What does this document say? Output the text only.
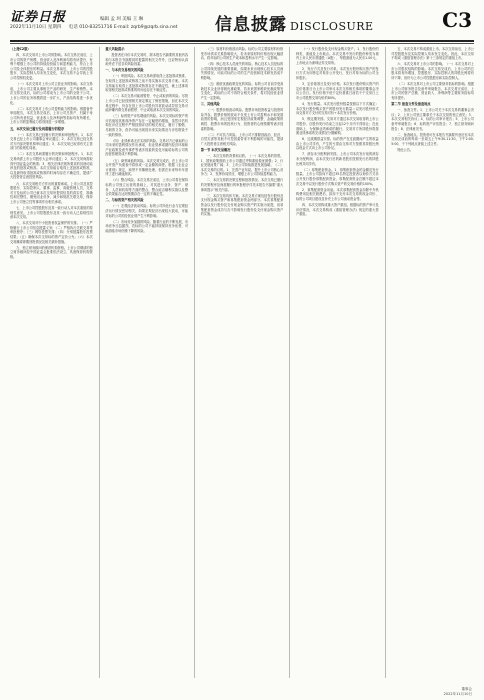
证券日报	编辑 孟 珂 美编 王 琳
2022年11月10日 星期四 电话 010-83251716 E-mail: zqrb9@zqrb.sina.net	信息披露 DISCLOSURE	C3

（上接C2版）

四、本次交易对上市公司的影响。本次交易完成后，上市公司的资产规模、营业收入及净利润均将有所提升，有利于增强上市公司的持续经营能力和盈利能力，符合上市公司及全体股东的利益。本次交易前后，上市公司的控股股东、实际控制人均未发生变化，本次交易不会导致上市公司控制权变更。

（一）本次交易对上市公司主营业务的影响。本次交易前，上市公司主要从事相关产品的研发、生产和销售。本次交易完成后，标的公司将成为上市公司的全资子公司，上市公司的业务规模将进一步扩大，产品结构将进一步优化。

（二）本次交易对上市公司盈利能力的影响。根据备考审阅报告，本次交易完成后，上市公司总资产、归属于母公司所有者权益、营业收入及净利润等指标均有所增长，上市公司的盈利能力将得到进一步增强。

五、本次交易已履行及尚需履行的程序

（一）本次交易已经履行的决策和审批程序。1、本次交易已经上市公司董事会审议通过；2、本次交易已经交易对方内部决策机构审议通过；3、本次交易已取得有关主管部门的原则性同意。

（二）本次交易尚需履行的决策和审批程序。1、本次交易尚需上市公司股东大会审议通过；2、本次交易尚需取得中国证监会的核准；3、相关法律法规所要求的其他可能涉及的批准或核准。本次交易能否取得上述批准或核准，以及最终取得批准或核准的时间均存在不确定性，提请广大投资者注意投资风险。

六、本次交易相关方作出的重要承诺。上市公司及其控股股东、实际控制人、董事、监事、高级管理人员，交易对方及标的公司已就本次交易所提供信息的真实性、准确性和完整性，避免同业竞争，减少和规范关联交易，保持上市公司独立性等事项作出相关承诺。

七、上市公司控股股东及其一致行动人对本次重组的原则性意见。上市公司控股股东及其一致行动人已原则性同意本次交易。

八、本次交易对中小投资者权益保护的安排。（一）严格履行上市公司信息披露义务；（二）严格执行关联交易等审批程序；（三）网络投票安排；（四）分别披露股东投票结果；（五）确保本次交易标的资产定价公允；（六）本次交易摊薄即期回报情况及相关填补措施。

九、独立财务顾问的保荐机构资格。上市公司聘请的独立财务顾问经中国证监会批准依法设立，具备保荐机构资格。

重大风险提示

投资者在评价本次交易时，除本报告书摘要的其他内容和与本报告书摘要同时披露的相关文件外，还应特别认真地考虑下述各项风险因素。

一、与本次交易相关的风险

（一）审批风险。本次交易尚需取得上述批准或核准，在取得上述批准或核准之前不得实施本次交易方案。本次交易能否取得上述批准或核准存在不确定性，就上述事项取得相关批准或核准的时间也存在不确定性。

（二）本次交易可能被暂停、中止或取消的风险。尽管上市公司已经按照相关规定制定了保密措施，但在本次交易过程中，仍存在因上市公司股价异常波动或异常交易可能涉嫌内幕交易而暂停、中止或取消本次交易的风险。

（三）标的资产评估增值的风险。本次交易标的资产的评估值较其账面净资产存在一定幅度的增值，虽然评估机构在评估过程中严格按照评估的相关规定，履行了勤勉、尽职的义务，但仍可能出现因未来实际情况与评估假设不一致的情形。

（四）业绩承诺无法实现的风险。交易对方已就标的公司未来的盈利情况作出承诺，但业绩承诺期内经济环境和产业政策及意外事件等诸多因素的变化可能给标的公司的经营管理造成不利影响。

（五）商誉减值的风险。本次交易完成后，在上市公司合并资产负债表中将形成一定金额的商誉。根据《企业会计准则》规定，商誉不作摊销处理，但需在未来每年年度终了进行减值测试。

（六）整合风险。本次交易完成后，上市公司将在保持标的公司独立运营的基础上，对其进行业务、资产、财务、人员和机构等方面的整合，整合能否顺利实施以及整合效果能否达到预期存在一定的不确定性。

二、与标的资产相关的风险

（一）宏观经济波动风险。标的公司所处行业与宏观经济运行情况密切相关，如果宏观经济出现较大波动，可能对标的公司的经营业绩产生不利影响。

（二）市场竞争加剧的风险。随着行业的不断发展，市场竞争日趋激烈，若标的公司不能持续保持竞争优势，可能面临市场份额下降的风险。

（三）原材料价格波动风险。标的公司主要原材料价格受市场供求关系影响较大，若未来原材料价格出现大幅波动，将对标的公司的生产成本和盈利水平产生一定影响。

（四）核心技术人员流失的风险。核心技术人员是标的公司持续发展的重要基础，如果未来出现核心技术人员流失的情况，可能对标的公司的生产经营和技术研发造成不利影响。

（五）税收优惠政策变化的风险。标的公司目前享受高新技术企业所得税优惠政策，若未来国家税收优惠政策发生变化，或标的公司不再符合相关条件，将对其经营业绩产生一定影响。

三、其他风险

（一）股票价格波动风险。股票市场投资收益与投资风险并存。股票价格的波动不仅受上市公司盈利水平和发展前景的影响，而且受国家宏观经济政策调整、金融政策的调控、股票市场的投机行为、投资者的心理预期等诸多因素的影响。

（二）不可抗力风险。上市公司不排除因政治、经济、自然灾害等其他不可控因素带来不利影响的可能性，提请广大投资者注意相关风险。

第一节 本次交易概况

一、本次交易的背景和目的。（一）本次交易的背景。1、国家政策鼓励上市公司通过并购重组做优做强；2、行业发展前景广阔；3、上市公司持续推进发展战略。（二）本次交易的目的。1、完善产业布局，提升上市公司核心竞争力；2、发挥协同效应，增强上市公司持续盈利能力。

二、本次交易的决策过程和批准情况。本次交易已履行的决策程序及尚需履行的审批程序详见本报告书摘要“重大事项提示”相关内容。

三、本次交易具体方案。本次交易方案包括发行股份及支付现金购买资产和募集配套资金两部分。本次募集配套资金以发行股份及支付现金购买资产的实施为前提，但募集配套资金成功与否不影响发行股份及支付现金购买资产的实施。

（一）发行股份及支付现金购买资产。1、发行股份的种类、面值及上市地点。本次交易中发行的股份种类为境内上市人民币普通股（A股），每股面值为人民币1.00元，上市地点为深圳证券交易所。

2、发行方式及发行对象。本次发行股份购买资产的发行方式为向特定对象非公开发行，发行对象为标的公司全体股东。

3、定价基准日及发行价格。本次发行股份购买资产的定价基准日为上市公司审议本次交易相关事项的董事会决议公告日。发行价格不低于定价基准日前若干个交易日上市公司股票交易均价的80%。

4、发行数量。本次发行股份数量按照以下方式确定：本次发行股份购买资产的股份发行数量＝以发行股份形式向交易对方支付的交易对价÷本次发行价格。

5、锁定期安排。交易对方通过本次交易取得的上市公司股份，自股份发行结束之日起12个月内不得转让；在此基础上，为保障业绩承诺的履行，交易对方所持股份将按照业绩承诺的完成情况分期解锁。

6、过渡期损益安排。标的资产在过渡期间产生的收益由上市公司享有，产生的亏损由交易对方按照其持股比例以现金方式向上市公司补足。

7、滚存未分配利润安排。上市公司本次发行前的滚存未分配利润，由本次发行后的新老股东按照发行后的持股比例共同享有。

（二）募集配套资金。1、募集配套资金的金额及发行数量。上市公司拟向不超过35名特定投资者以询价方式非公开发行股份募集配套资金，募集配套资金总额不超过本次交易中以发行股份方式购买资产的交易价格的100%。

2、募集配套资金用途。本次募集配套资金扣除中介机构费用及相关税费后，拟用于支付本次交易的现金对价、标的公司项目建设及补充上市公司流动资金等。

四、本次交易构成重大资产重组。根据标的资产审计及评估情况，本次交易构成《重组管理办法》规定的重大资产重组。

五、本次交易不构成重组上市。本次交易前后，上市公司控股股东及实际控制人均未发生变化。因此，本次交易不构成《重组管理办法》第十三条规定的重组上市。

六、本次交易对上市公司的影响。（一）本次交易对上市公司股权结构的影响。本次交易完成后，上市公司的总股本将有所增加，控股股东、实际控制人的持股比例将有所下降，但仍为上市公司控股股东和实际控制人。

（二）本次交易对上市公司主要财务指标的影响。根据上市公司财务报告及备考审阅报告，本次交易完成后，上市公司的资产总额、营业收入、净利润等主要财务指标均有所提升。

第二节 备查文件及备查地点

一、备查文件。1、上市公司关于本次交易的董事会决议；2、上市公司独立董事关于本次交易的独立意见；3、本次交易相关协议；4、标的公司审计报告；5、上市公司备考审阅报告；6、标的资产评估报告；7、独立财务顾问报告；8、法律意见书。

二、备查地点。投资者可在本报告书摘要刊登后至本次交易完成前的每周一至周五上午9:30-11:30，下午2:00-5:00，于下列地点查阅上述文件。

特此公告。

董事会
2022年11月10日
